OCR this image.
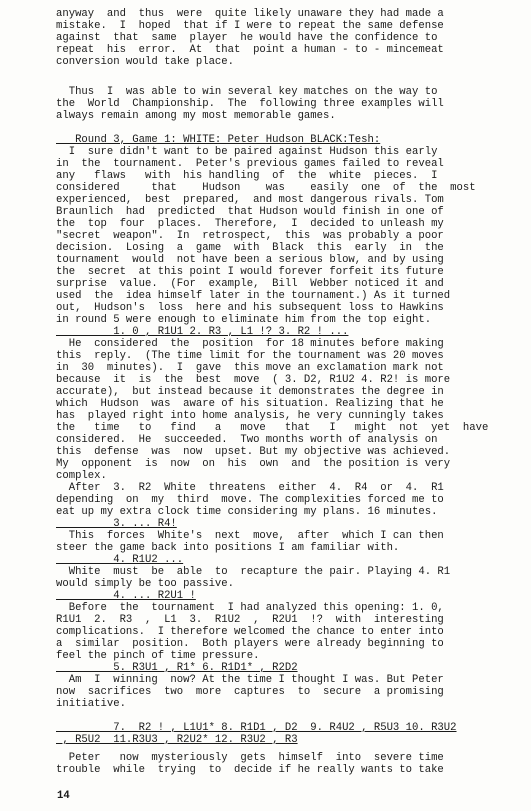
anyway  and  thus  were  quite likely unaware they had made a
mistake.  I  hoped  that if I were to repeat the same defense
against  that  same  player  he would have the confidence to
repeat  his  error.  At  that  point a human - to - mincemeat
conversion would take place.
Thus  I  was able to win several key matches on the way to
the  World  Championship.  The  following three examples will
always remain among my most memorable games.
Round 3, Game 1: WHITE: Peter Hudson BLACK:Tesh:
I  sure didn't want to be paired against Hudson this early
in  the  tournament.  Peter's previous games failed to reveal
any   flaws   with  his handling  of  the  white  pieces.  I
considered     that    Hudson    was    easily  one  of  the  most
experienced,  best  prepared,  and most dangerous rivals. Tom
Braunlich  had  predicted  that Hudson would finish in one of
the  top  four  places.  Therefore,  I  decided to unleash my
"secret  weapon".  In  retrospect,  this  was probably a poor
decision.  Losing  a  game  with  Black  this  early  in  the
tournament  would  not have been a serious blow, and by using
the  secret  at this point I would forever forfeit its future
surprise  value.  (For  example,  Bill  Webber noticed it and
used  the  idea himself later in the tournament.) As it turned
out,  Hudson's  loss  here and his subsequent loss to Hawkins
in round 5 were enough to eliminate him from the top eight.
1. 0 , R1U1 2. R3 , L1 !? 3. R2 ! ...
He  considered  the  position  for 18 minutes before making
this  reply.  (The time limit for the tournament was 20 moves
in  30  minutes).  I  gave  this move an exclamation mark not
because  it  is  the  best  move  ( 3. D2, R1U2 4. R2! is more
accurate),  but instead because it demonstrates the degree in
which  Hudson  was  aware of his situation. Realizing that he
has  played right into home analysis, he very cunningly takes
the   time   to   find   a   move   that   I   might  not  yet  have
considered.  He  succeeded.  Two months worth of analysis on
this  defense  was  now  upset. But my objective was achieved.
My  opponent  is  now  on  his  own  and  the position is very
complex.
After  3.  R2  White  threatens  either  4.  R4  or  4.  R1
depending  on  my  third  move. The complexities forced me to
eat up my extra clock time considering my plans. 16 minutes.
3. ... R4!
This  forces  White's  next  move,  after  which I can then
steer the game back into positions I am familiar with.
4. R1U2 ...
White  must  be  able  to  recapture the pair. Playing 4. R1
would simply be too passive.
4. ... R2U1 !
Before  the  tournament  I had analyzed this opening: 1. 0,
R1U1  2.  R3  ,  L1  3.  R1U2  ,  R2U1  !?  with  interesting
complications.  I therefore welcomed the chance to enter into
a  similar  position.  Both players were already beginning to
feel the pinch of time pressure.
5. R3U1 , R1* 6. R1D1* , R2D2
Am  I  winning  now? At the time I thought I was. But Peter
now  sacrifices  two  more  captures  to  secure  a promising
initiative.
7.  R2 ! , L1U1* 8. R1D1 , D2  9. R4U2 , R5U3 10. R3U2
, R5U2  11.R3U3 , R2U2* 12. R3U2 , R3
Peter   now  mysteriously  gets  himself  into  severe time
trouble  while  trying  to  decide if he really wants to take
14
